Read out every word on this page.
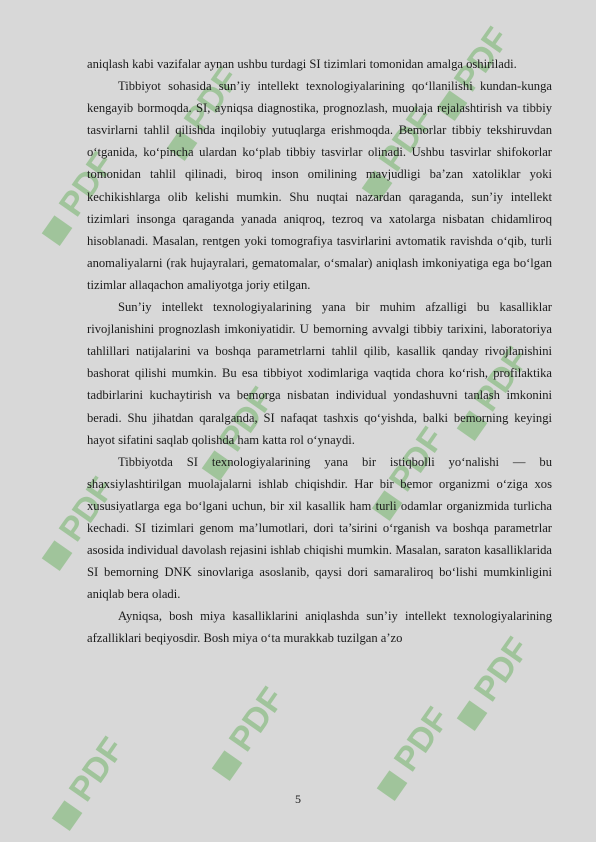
PDF
PDF
PDF
PDF
PDF
PDF
PDF
PDF
PDF
PDF
PDF
PDF

aniqlash kabi vazifalar aynan ushbu turdagi SI tizimlari tomonidan amalga oshiriladi.

Tibbiyot sohasida sun’iy intellekt texnologiyalarining qo‘llanilishi kundan-kunga kengayib bormoqda. SI, ayniqsa diagnostika, prognozlash, muolaja rejalashtirish va tibbiy tasvirlarni tahlil qilishda inqilobiy yutuqlarga erishmoqda. Bemorlar tibbiy tekshiruvdan o‘tganida, ko‘pincha ulardan ko‘plab tibbiy tasvirlar olinadi. Ushbu tasvirlar shifokorlar tomonidan tahlil qilinadi, biroq inson omilining mavjudligi ba’zan xatoliklar yoki kechikishlarga olib kelishi mumkin. Shu nuqtai nazardan qaraganda, sun’iy intellekt tizimlari insonga qaraganda yanada aniqroq, tezroq va xatolarga nisbatan chidamliroq hisoblanadi. Masalan, rentgen yoki tomografiya tasvirlarini avtomatik ravishda o‘qib, turli anomaliyalarni (rak hujayralari, gematomalar, o‘smalar) aniqlash imkoniyatiga ega bo‘lgan tizimlar allaqachon amaliyotga joriy etilgan.

Sun’iy intellekt texnologiyalarining yana bir muhim afzalligi bu kasalliklar rivojlanishini prognozlash imkoniyatidir. U bemorning avvalgi tibbiy tarixini, laboratoriya tahlillari natijalarini va boshqa parametrlarni tahlil qilib, kasallik qanday rivojlanishini bashorat qilishi mumkin. Bu esa tibbiyot xodimlariga vaqtida chora ko‘rish, profilaktika tadbirlarini kuchaytirish va bemorga nisbatan individual yondashuvni tanlash imkonini beradi. Shu jihatdan qaralganda, SI nafaqat tashxis qo‘yishda, balki bemorning keyingi hayot sifatini saqlab qolishda ham katta rol o‘ynaydi.

Tibbiyotda SI texnologiyalarining yana bir istiqbolli yo‘nalishi — bu shaxsiylashtirilgan muolajalarni ishlab chiqishdir. Har bir bemor organizmi o‘ziga xos xususiyatlarga ega bo‘lgani uchun, bir xil kasallik ham turli odamlar organizmida turlicha kechadi. SI tizimlari genom ma’lumotlari, dori ta’sirini o‘rganish va boshqa parametrlar asosida individual davolash rejasini ishlab chiqishi mumkin. Masalan, saraton kasalliklarida SI bemorning DNK sinovlariga asoslanib, qaysi dori samaraliroq bo‘lishi mumkinligini aniqlab bera oladi.

Ayniqsa, bosh miya kasalliklarini aniqlashda sun’iy intellekt texnologiyalarining afzalliklari beqiyosdir. Bosh miya o‘ta murakkab tuzilgan a’zo

5
